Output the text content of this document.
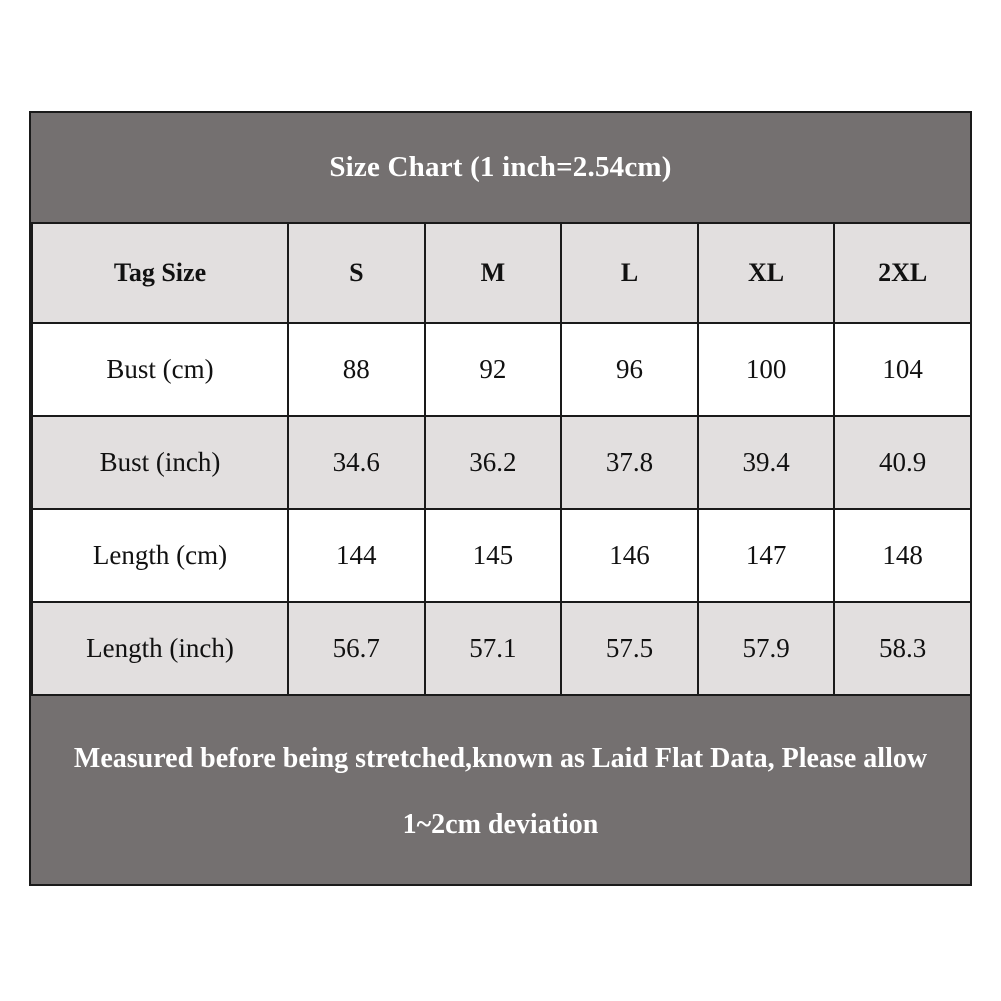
Size Chart (1 inch=2.54cm)
Tag Size	S	M	L	XL	2XL
Bust (cm)	88	92	96	100	104
Bust (inch)	34.6	36.2	37.8	39.4	40.9
Length (cm)	144	145	146	147	148
Length (inch)	56.7	57.1	57.5	57.9	58.3
Measured before being stretched,known as Laid Flat Data, Please allow
1~2cm deviation
